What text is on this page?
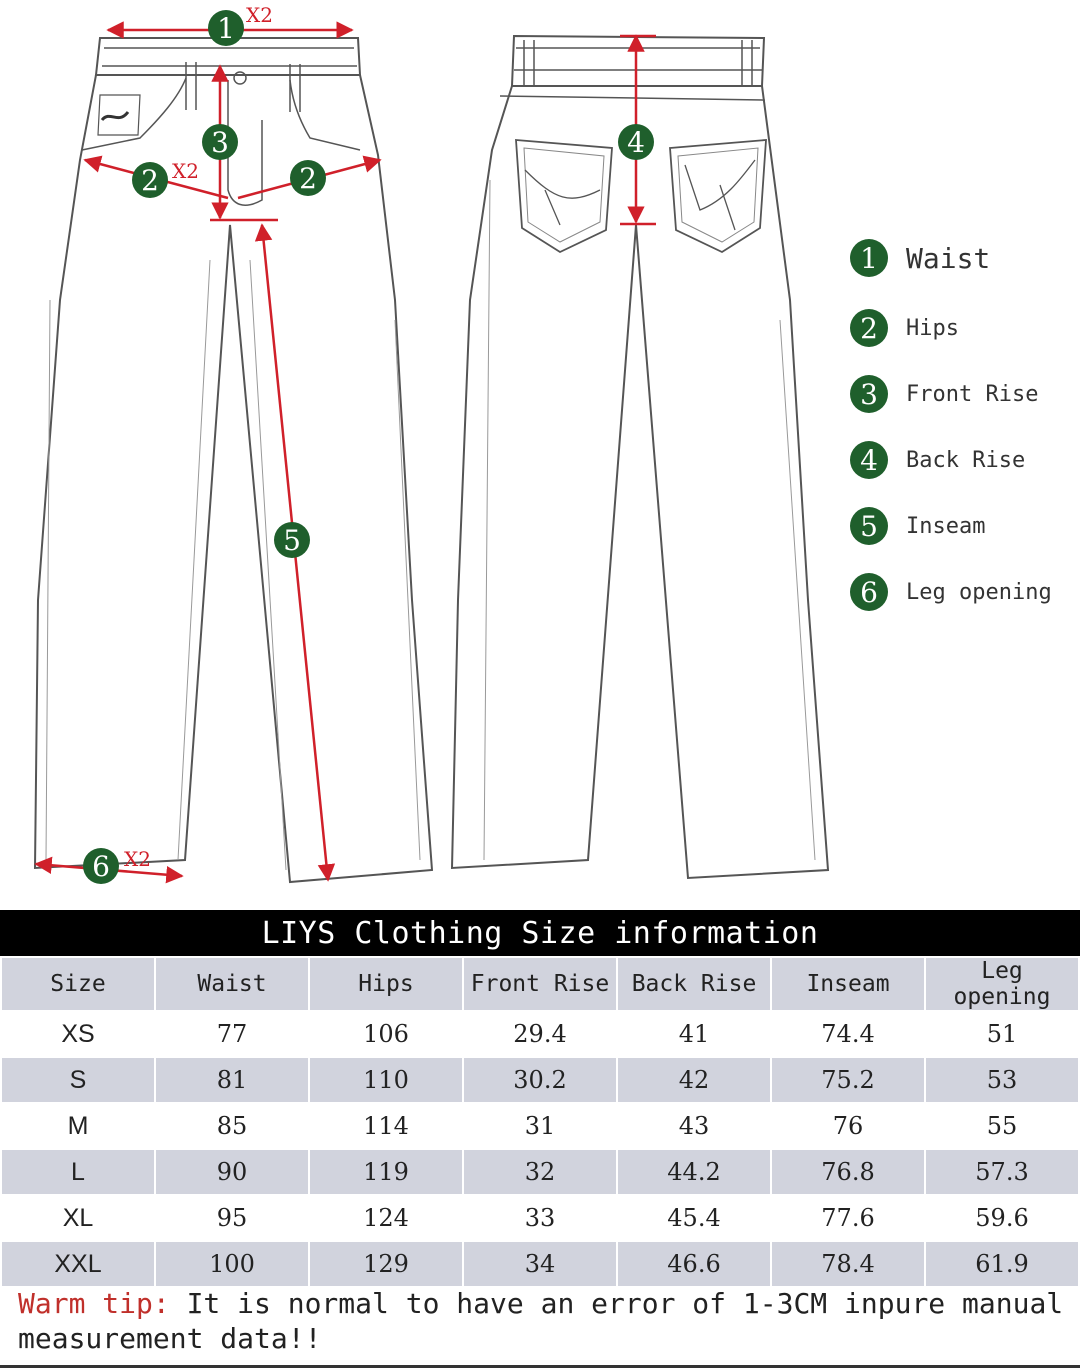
1
2	2
3	4
5
6
X2
X2
X2
1	Waist
2	Hips
3	Front Rise
4	Back Rise
5	Inseam
6	Leg opening
LIYS Clothing Size information
Size	Waist	Hips	Front Rise	Back Rise	Inseam	Leg opening
XS	77	106	29.4	41	74.4	51
S	81	110	30.2	42	75.2	53
M	85	114	31	43	76	55
L	90	119	32	44.2	76.8	57.3
XL	95	124	33	45.4	77.6	59.6
XXL	100	129	34	46.6	78.4	61.9
Warm tip: It is normal to have an error of 1-3CM inpure manual measurement data!!
